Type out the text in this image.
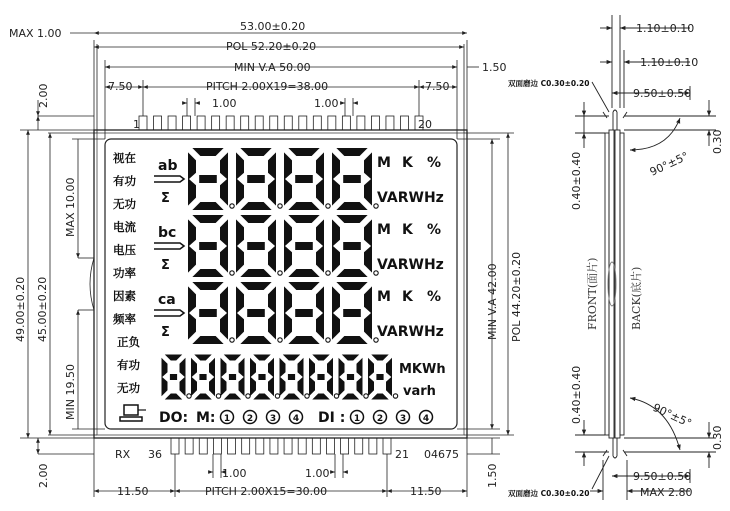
1	20
RX 36	21 04675
视在
有功
无功
电流
电压
功率
因素
频率
正负
有功
无功
ab
Σ
bc
Σ
ca
Σ
M K %
VARWHz
M K %
VARWHz
M K %
VARWHz
MKWh
varh
DO: M:	DI :
1 2 3 4	1 2 3 4
MAX 1.00
53.00±0.20
POL 52.20±0.20
MIN V.A 50.00	1.50
7.50	PITCH 2.00X19=38.00	7.50
1.00	1.00
2.00
MAX 10.00
49.00±0.20 45.00±0.20
MIN 19.50
2.00
MIN V.A 42.00 POL 44.20±0.20
1.50
1.00	1.00
11.50	PITCH 2.00X15=30.00	11.50
1.10±0.10
1.10±0.10
9.50±0.50
0.30
0.40±0.40
0.40±0.40
0.30
9.50±0.50
MAX 2.80
90°±5°
90°±5°
双面磨边 C0.30±0.20
双面磨边 C0.30±0.20
FRONT(面片)	BACK(底片)
